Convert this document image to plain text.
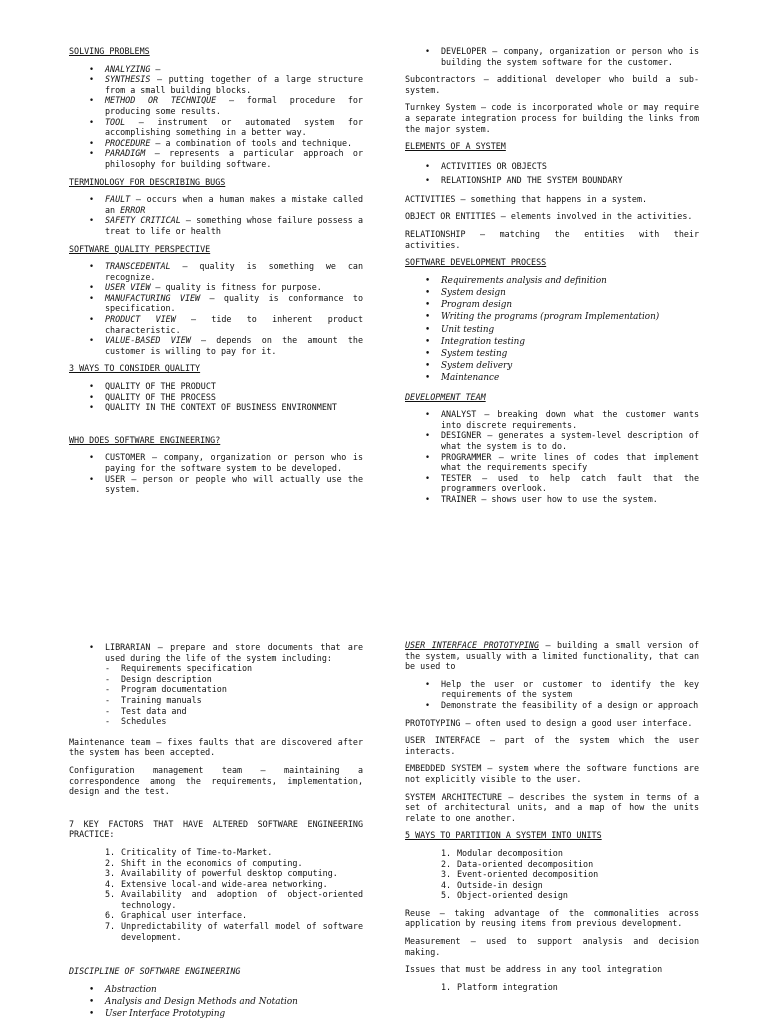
SOLVING PROBLEMS
• ANALYZING –
• SYNTHESIS – putting together of a large structure from a small building blocks.
• METHOD OR TECHNIQUE – formal procedure for producing some results.
• TOOL – instrument or automated system for accomplishing something in a better way.
• PROCEDURE – a combination of tools and technique.
• PARADIGM – represents a particular approach or philosophy for building software.
TERMINOLOGY FOR DESCRIBING BUGS
• FAULT – occurs when a human makes a mistake called an ERROR
• SAFETY CRITICAL – something whose failure possess a treat to life or health
SOFTWARE QUALITY PERSPECTIVE
• TRANSCEDENTAL – quality is something we can recognize.
• USER VIEW – quality is fitness for purpose.
• MANUFACTURING VIEW – quality is conformance to specification.
• PRODUCT VIEW – tide to inherent product characteristic.
• VALUE-BASED VIEW – depends on the amount the customer is willing to pay for it.
3 WAYS TO CONSIDER QUALITY
• QUALITY OF THE PRODUCT
• QUALITY OF THE PROCESS
• QUALITY IN THE CONTEXT OF BUSINESS ENVIRONMENT
WHO DOES SOFTWARE ENGINEERING?
• CUSTOMER – company, organization or person who is paying for the software system to be developed.
• USER – person or people who will actually use the system.
• DEVELOPER – company, organization or person who is building the system software for the customer.
Subcontractors – additional developer who build a sub-system.
Turnkey System – code is incorporated whole or may require a separate integration process for building the links from the major system.
ELEMENTS OF A SYSTEM
• ACTIVITIES OR OBJECTS
• RELATIONSHIP AND THE SYSTEM BOUNDARY
ACTIVITIES – something that happens in a system.
OBJECT OR ENTITIES – elements involved in the activities.
RELATIONSHIP – matching the entities with their activities.
SOFTWARE DEVELOPMENT PROCESS
• Requirements analysis and definition
• System design
• Program design
• Writing the programs (program Implementation)
• Unit testing
• Integration testing
• System testing
• System delivery
• Maintenance
DEVELOPMENT TEAM
• ANALYST – breaking down what the customer wants into discrete requirements.
• DESIGNER – generates a system-level description of what the system is to do.
• PROGRAMMER – write lines of codes that implement what the requirements specify
• TESTER – used to help catch fault that the programmers overlook.
• TRAINER – shows user how to use the system.
• LIBRARIAN – prepare and store documents that are used during the life of the system including:
- Requirements specification
- Design description
- Program documentation
- Training manuals
- Test data and
- Schedules
Maintenance team – fixes faults that are discovered after the system has been accepted.
Configuration management team – maintaining a correspondence among the requirements, implementation, design and the test.
7 KEY FACTORS THAT HAVE ALTERED SOFTWARE ENGINEERING PRACTICE:
1. Criticality of Time-to-Market.
2. Shift in the economics of computing.
3. Availability of powerful desktop computing.
4. Extensive local-and wide-area networking.
5. Availability and adoption of object-oriented technology.
6. Graphical user interface.
7. Unpredictability of waterfall model of software development.
DISCIPLINE OF SOFTWARE ENGINEERING
• Abstraction
• Analysis and Design Methods and Notation
• User Interface Prototyping
USER INTERFACE PROTOTYPING – building a small version of the system, usually with a limited functionality, that can be used to
• Help the user or customer to identify the key requirements of the system
• Demonstrate the feasibility of a design or approach
PROTOTYPING – often used to design a good user interface.
USER INTERFACE – part of the system which the user interacts.
EMBEDDED SYSTEM – system where the software functions are not explicitly visible to the user.
SYSTEM ARCHITECTURE – describes the system in terms of a set of architectural units, and a map of how the units relate to one another.
5 WAYS TO PARTITION A SYSTEM INTO UNITS
1. Modular decomposition
2. Data-oriented decomposition
3. Event-oriented decomposition
4. Outside-in design
5. Object-oriented design
Reuse – taking advantage of the commonalities across application by reusing items from previous development.
Measurement – used to support analysis and decision making.
Issues that must be address in any tool integration
1. Platform integration
